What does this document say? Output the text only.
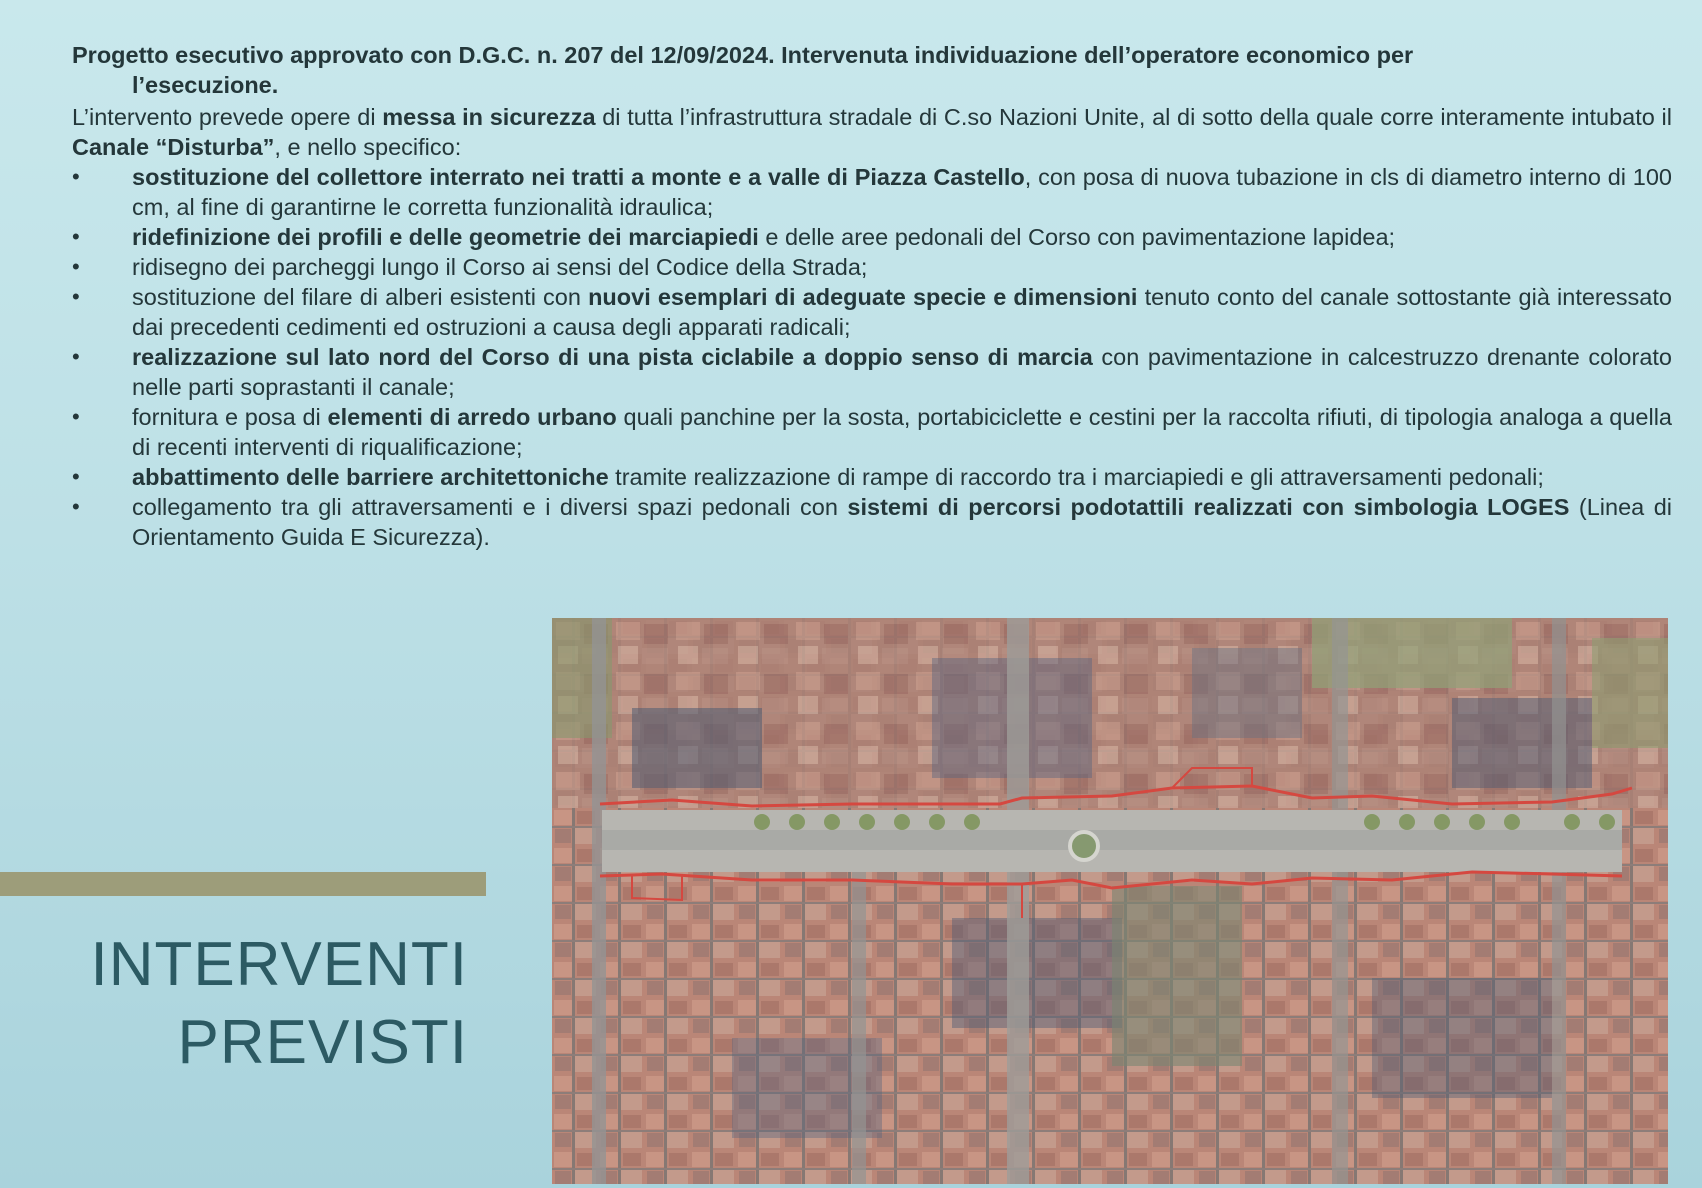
Progetto esecutivo approvato con D.G.C. n. 207 del 12/09/2024. Intervenuta individuazione dell’operatore economico per
l’esecuzione.

L’intervento prevede opere di messa in sicurezza di tutta l’infrastruttura stradale di C.so Nazioni Unite, al di sotto della quale corre interamente intubato il Canale “Disturba”, e nello specifico:

• sostituzione del collettore interrato nei tratti a monte e a valle di Piazza Castello, con posa di nuova tubazione in cls di diametro interno di 100 cm, al fine di garantirne le corretta funzionalità idraulica;
• ridefinizione dei profili e delle geometrie dei marciapiedi e delle aree pedonali del Corso con pavimentazione lapidea;
• ridisegno dei parcheggi lungo il Corso ai sensi del Codice della Strada;
• sostituzione del filare di alberi esistenti con nuovi esemplari di adeguate specie e dimensioni tenuto conto del canale sottostante già interessato dai precedenti cedimenti ed ostruzioni a causa degli apparati radicali;
• realizzazione sul lato nord del Corso di una pista ciclabile a doppio senso di marcia con pavimentazione in calcestruzzo drenante colorato nelle parti soprastanti il canale;
• fornitura e posa di elementi di arredo urbano quali panchine per la sosta, portabiciclette e cestini per la raccolta rifiuti, di tipologia analoga a quella di recenti interventi di riqualificazione;
• abbattimento delle barriere architettoniche tramite realizzazione di rampe di raccordo tra i marciapiedi e gli attraversamenti pedonali;
• collegamento tra gli attraversamenti e i diversi spazi pedonali con sistemi di percorsi podotattili realizzati con simbologia LOGES (Linea di Orientamento Guida E Sicurezza).
INTERVENTI
PREVISTI
